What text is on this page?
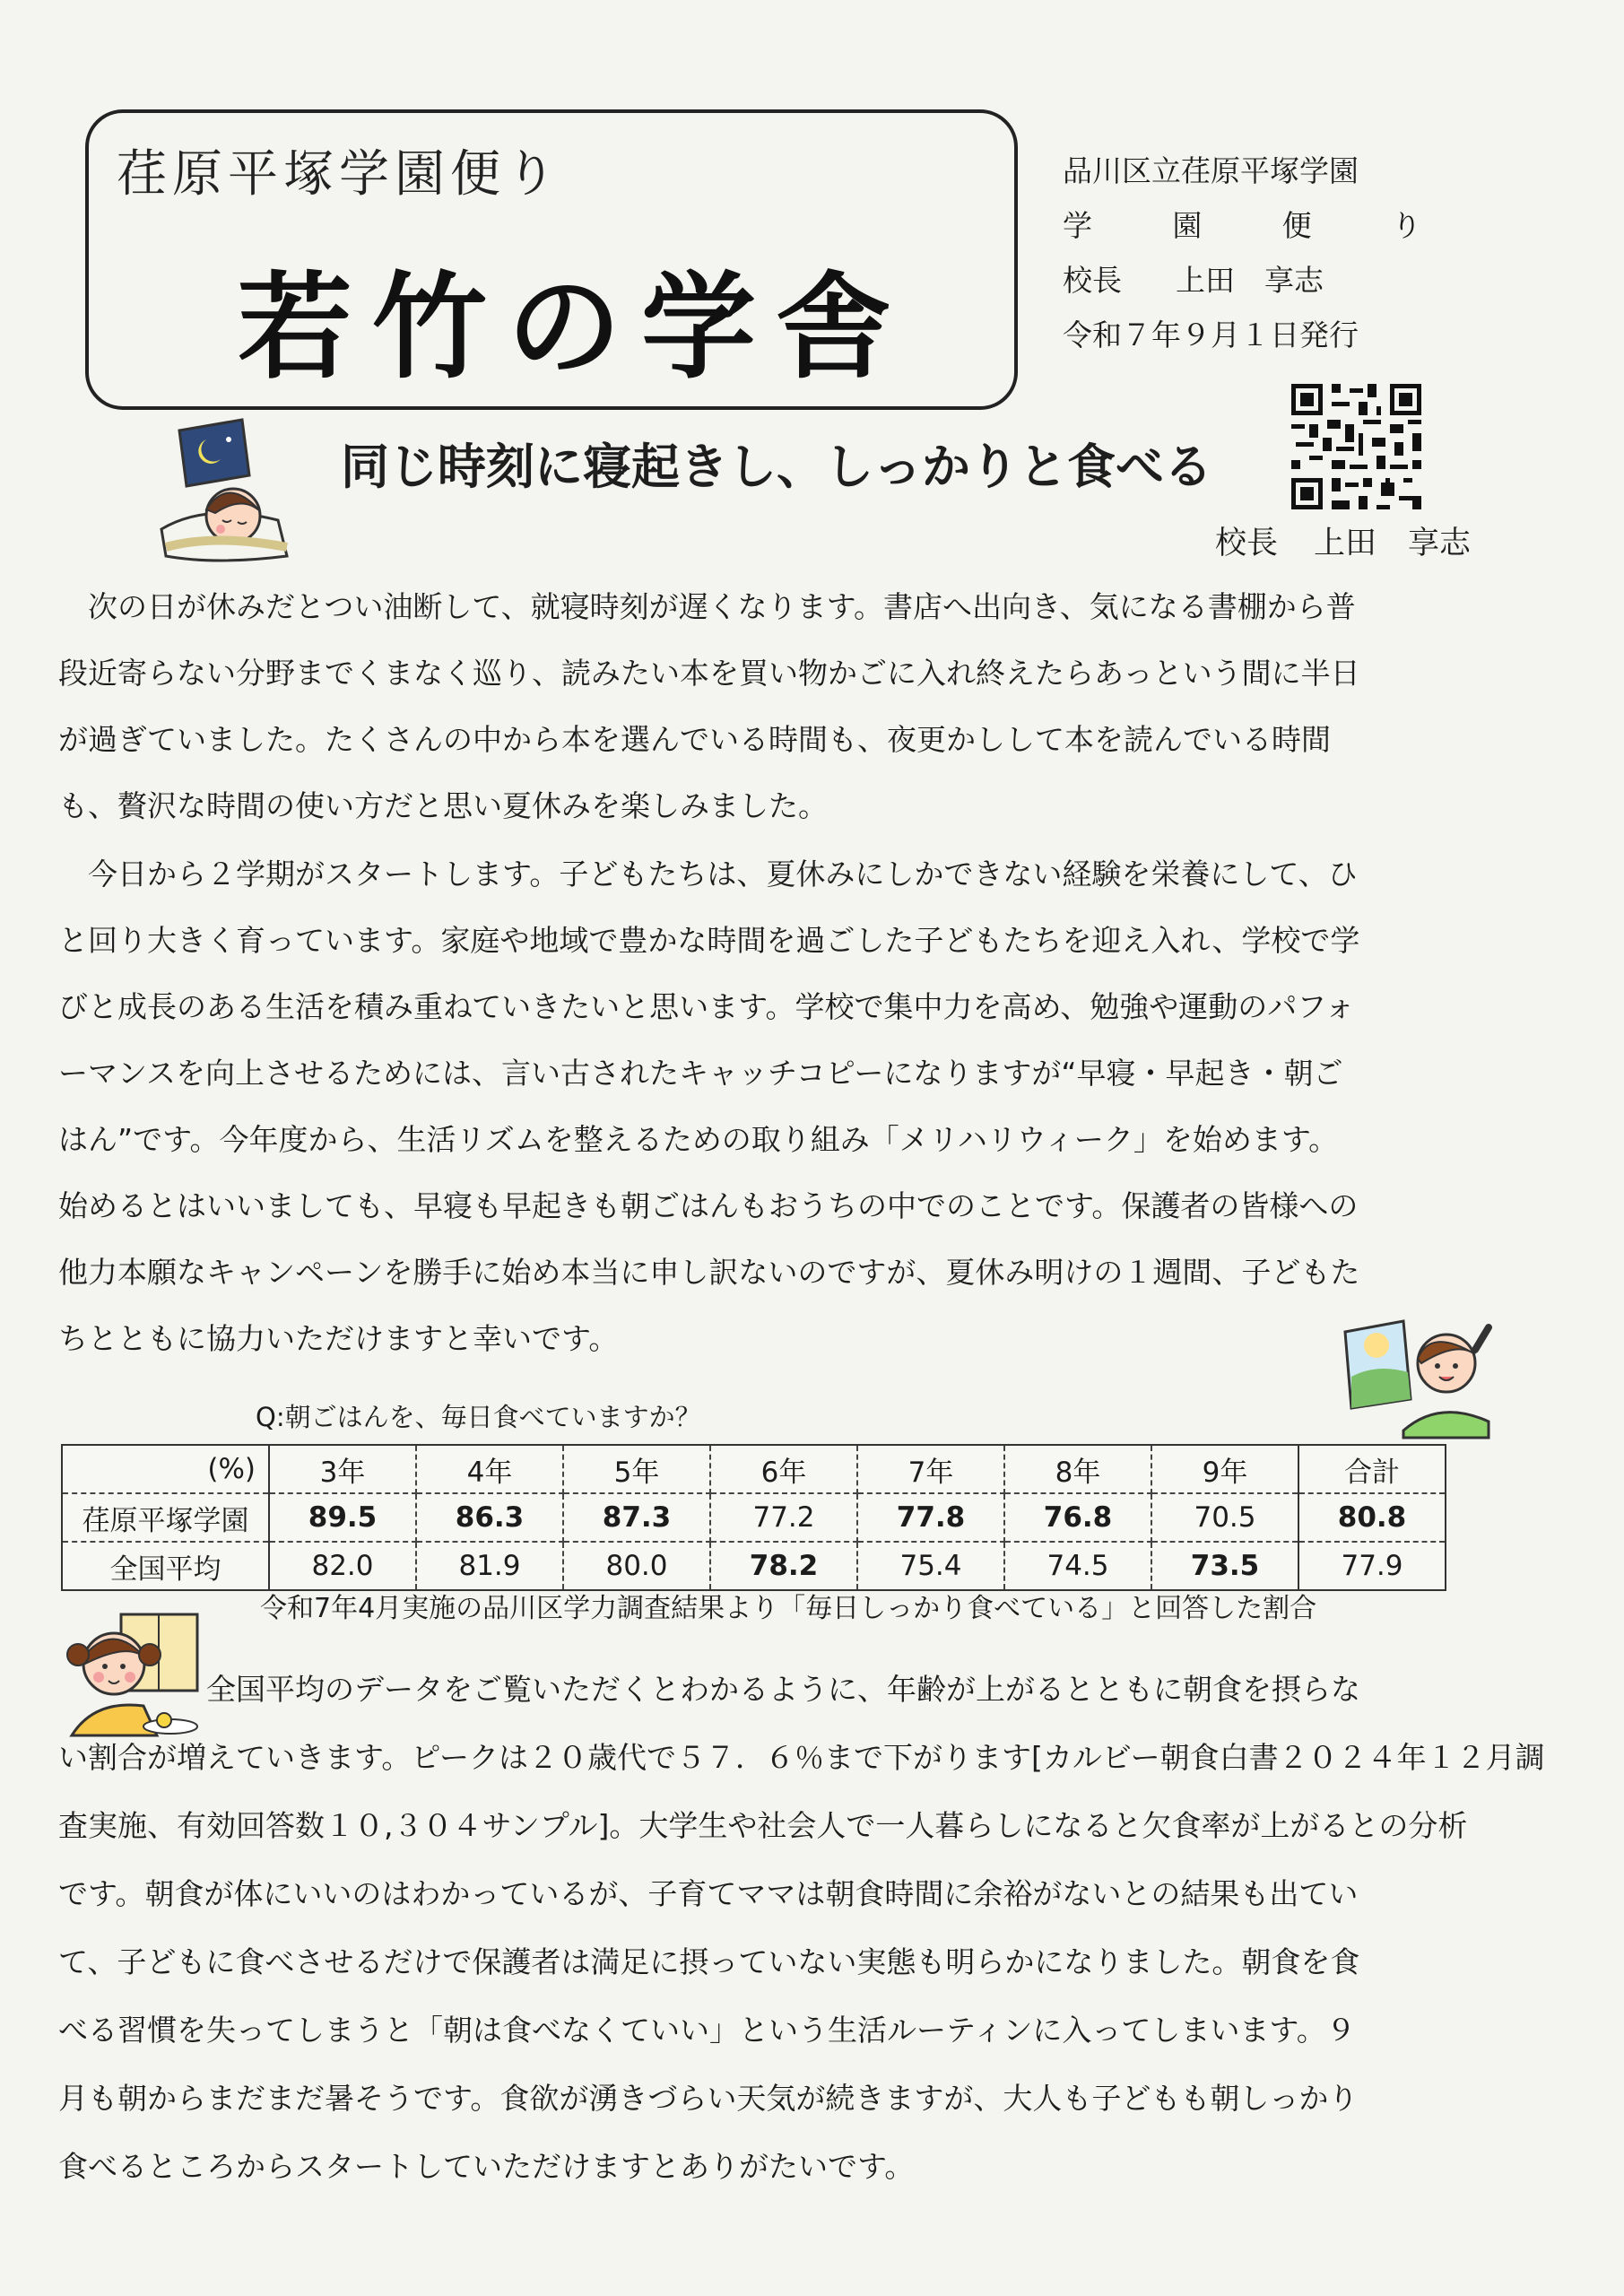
荏原平塚学園便り
若竹の学舎
品川区立荏原平塚学園
学	園	便	り
校長 上田　享志
令和７年９月１日発行
同じ時刻に寝起きし、しっかりと食べる
校長 上田　享志
　次の日が休みだとつい油断して、就寝時刻が遅くなります。書店へ出向き、気になる書棚から普
段近寄らない分野までくまなく巡り、読みたい本を買い物かごに入れ終えたらあっという間に半日
が過ぎていました。たくさんの中から本を選んでいる時間も、夜更かしして本を読んでいる時間
も、贅沢な時間の使い方だと思い夏休みを楽しみました。
　今日から２学期がスタートします。子どもたちは、夏休みにしかできない経験を栄養にして、ひ
と回り大きく育っています。家庭や地域で豊かな時間を過ごした子どもたちを迎え入れ、学校で学
びと成長のある生活を積み重ねていきたいと思います。学校で集中力を高め、勉強や運動のパフォ
ーマンスを向上させるためには、言い古されたキャッチコピーになりますが“早寝・早起き・朝ご
はん”です。今年度から、生活リズムを整えるための取り組み「メリハリウィーク」を始めます。
始めるとはいいましても、早寝も早起きも朝ごはんもおうちの中でのことです。保護者の皆様への
他力本願なキャンペーンを勝手に始め本当に申し訳ないのですが、夏休み明けの１週間、子どもた
ちとともに協力いただけますと幸いです。
Q:朝ごはんを、毎日食べていますか？
(%)	3年	4年	5年	6年	7年	8年	9年	合計
荏原平塚学園	89.5	86.3	87.3	77.2	77.8	76.8	70.5	80.8
全国平均	82.0	81.9	80.0	78.2	75.4	74.5	73.5	77.9
令和7年4月実施の品川区学力調査結果より「毎日しっかり食べている」と回答した割合
　　　　　全国平均のデータをご覧いただくとわかるように、年齢が上がるとともに朝食を摂らな
い割合が増えていきます。ピークは２０歳代で５７．６％まで下がります[カルビー朝食白書２０２４年１２月調
査実施、有効回答数１０,３０４サンプル]。大学生や社会人で一人暮らしになると欠食率が上がるとの分析
です。朝食が体にいいのはわかっているが、子育てママは朝食時間に余裕がないとの結果も出てい
て、子どもに食べさせるだけで保護者は満足に摂っていない実態も明らかになりました。朝食を食
べる習慣を失ってしまうと「朝は食べなくていい」という生活ルーティンに入ってしまいます。９
月も朝からまだまだ暑そうです。食欲が湧きづらい天気が続きますが、大人も子どもも朝しっかり
食べるところからスタートしていただけますとありがたいです。
